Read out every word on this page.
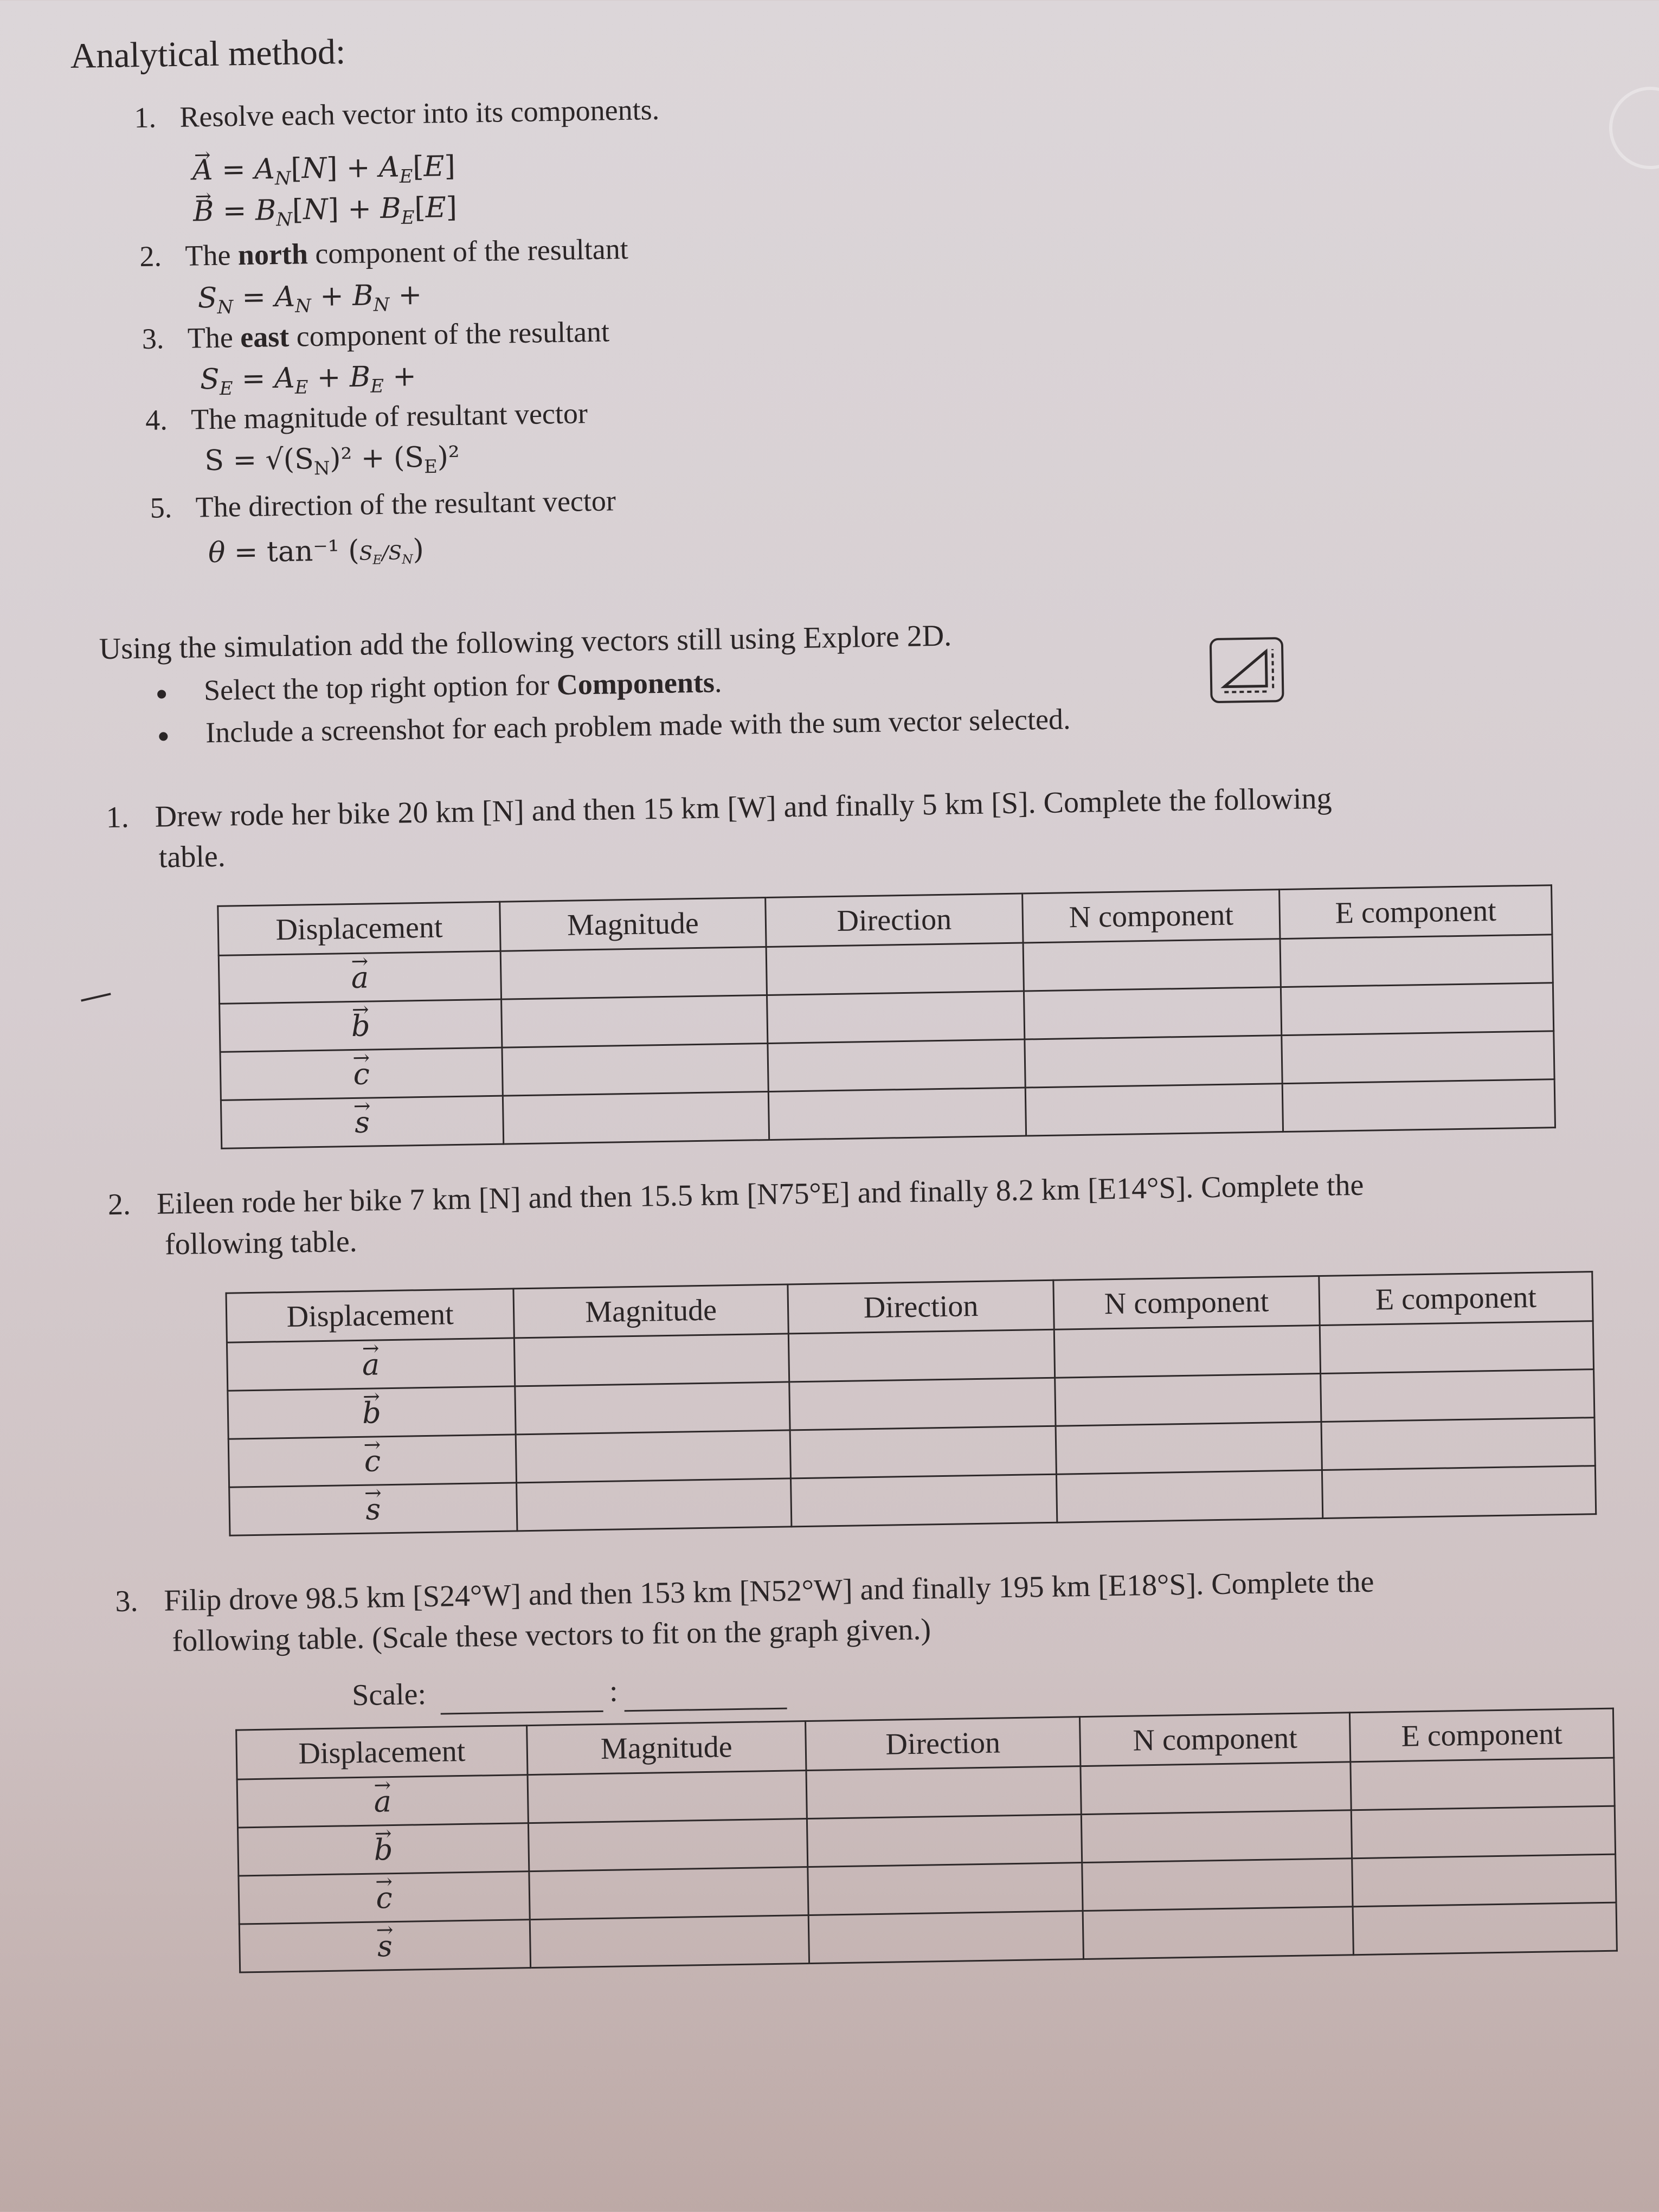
Analytical method:
1. Resolve each vector into its components.
→ $A = A_N[N] + A_E[E]$
→ $B = B_N[N] + B_E[E]$
2. The north component of the resultant
$S_N = A_N + B_N$ +
3. The east component of the resultant
$S_E = A_E + B_E$ +
4. The magnitude of resultant vector
$S = √(S_N)^2 + (S_E)^2$
5. The direction of the resultant vector
θ = tan⁻¹ $(S_E/S_N)$
Using the simulation add the following vectors still using Explore 2D.
Select the top right option for Components.
Include a screenshot for each problem made with the sum vector selected.
1. Drew rode her bike 20 km [N] and then 15 km [W] and finally 5 km [S]. Complete the following
table.
Displacement	Magnitude	Direction	N component	E component
→ a				
→ b				
→ c				
→ s				
2. Eileen rode her bike 7 km [N] and then 15.5 km [N75°E] and finally 8.2 km [E14°S]. Complete the
following table.
Displacement	Magnitude	Direction	N component	E component
→ a				
→ b				
→ c				
→ s				
3. Filip drove 98.5 km [S24°W] and then 153 km [N52°W] and finally 195 km [E18°S]. Complete the
following table. (Scale these vectors to fit on the graph given.)
Scale:	:
Displacement	Magnitude	Direction	N component	E component
→ a				
→ b				
→ c				
→ s				
